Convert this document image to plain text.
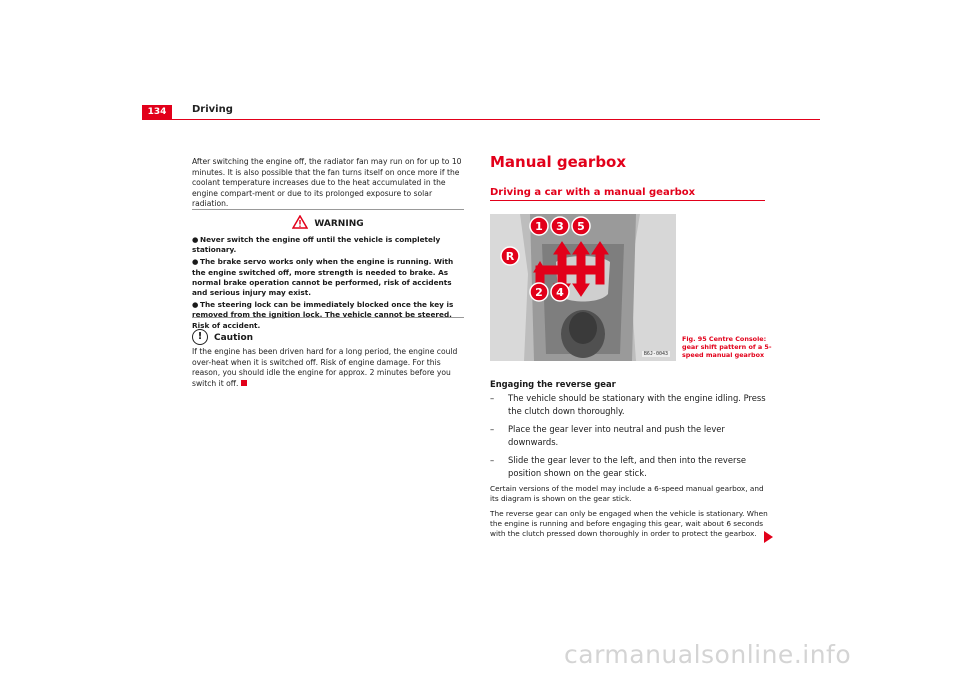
134	Driving
After switching the engine off, the radiator fan may run on for up to 10 minutes. It is also possible that the fan turns itself on once more if the coolant temperature increases due to the heat accumulated in the engine compart-ment or due to its prolonged exposure to solar radiation.
WARNING
● Never switch the engine off until the vehicle is completely stationary.
● The brake servo works only when the engine is running. With the engine switched off, more strength is needed to brake. As normal brake operation cannot be performed, risk of accidents and serious injury may exist.
● The steering lock can be immediately blocked once the key is removed from the ignition lock. The vehicle cannot be steered. Risk of accident.
! Caution
If the engine has been driven hard for a long period, the engine could over-heat when it is switched off. Risk of engine damage. For this reason, you should idle the engine for approx. 2 minutes before you switch it off.
Manual gearbox
Driving a car with a manual gearbox
1 3 5
R
2 4
B6J-0043
Fig. 95 Centre Console: gear shift pattern of a 5-speed manual gearbox
Engaging the reverse gear
– The vehicle should be stationary with the engine idling. Press the clutch down thoroughly.
– Place the gear lever into neutral and push the lever downwards.
– Slide the gear lever to the left, and then into the reverse position shown on the gear stick.
Certain versions of the model may include a 6-speed manual gearbox, and its diagram is shown on the gear stick.
The reverse gear can only be engaged when the vehicle is stationary. When the engine is running and before engaging this gear, wait about 6 seconds with the clutch pressed down thoroughly in order to protect the gearbox.
carmanualsonline.info
